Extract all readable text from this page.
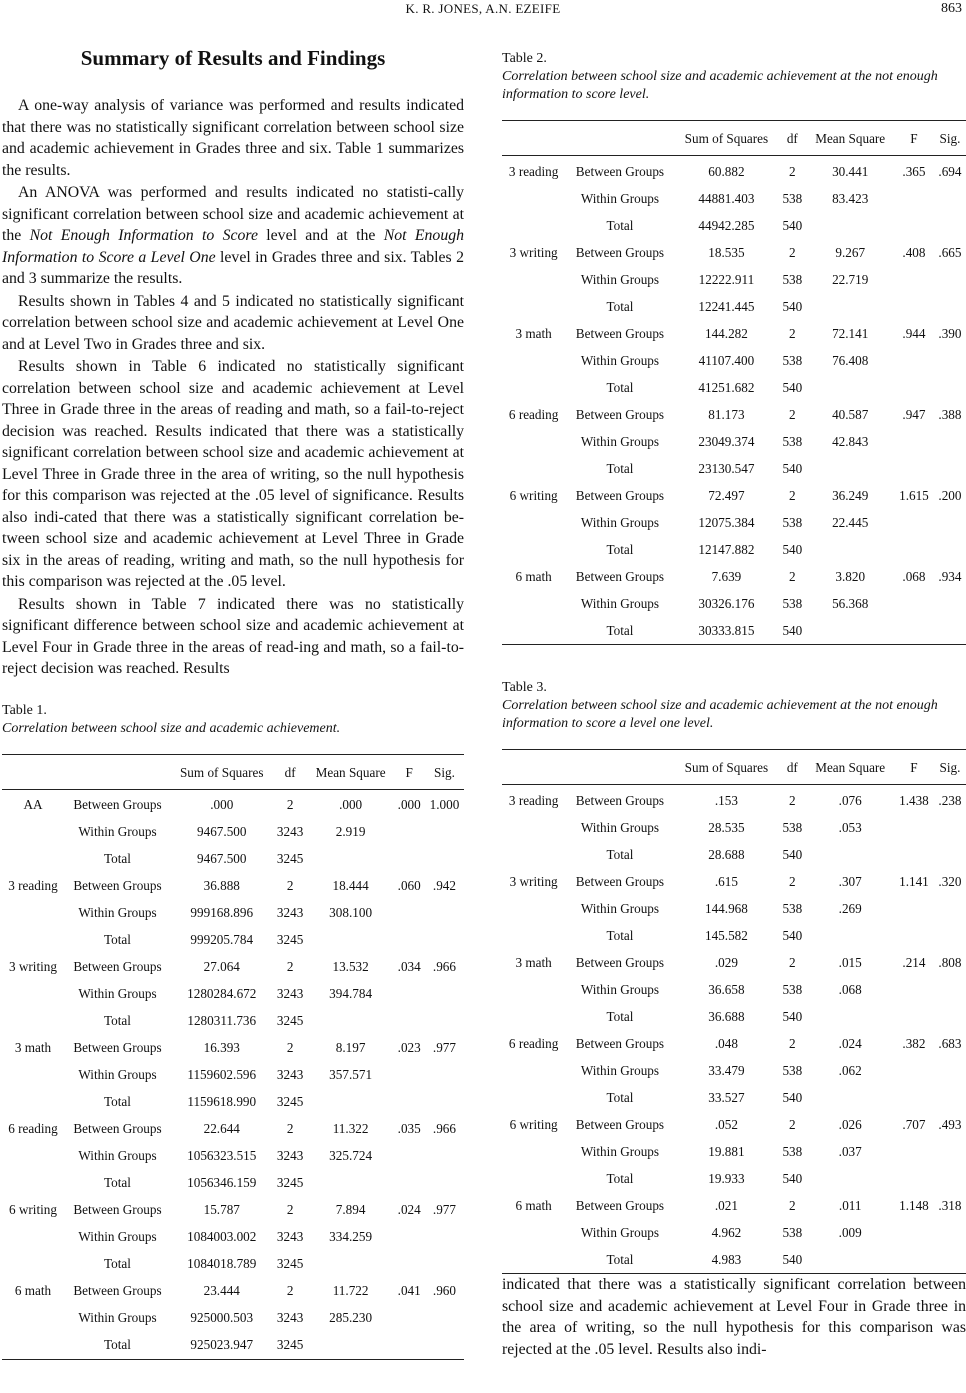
K. R. JONES, A.N. EZEIFE	863
Summary of Results and Findings

A one-way analysis of variance was performed and results indicated that there was no statistically significant correlation between school size and academic achievement in Grades three and six. Table 1 summarizes the results.

An ANOVA was performed and results indicated no statisti-cally significant correlation between school size and academic achievement at the Not Enough Information to Score level and at the Not Enough Information to Score a Level One level in Grades three and six. Tables 2 and 3 summarize the results.

Results shown in Tables 4 and 5 indicated no statistically significant correlation between school size and academic achievement at Level One and at Level Two in Grades three and six.

Results shown in Table 6 indicated no statistically significant correlation between school size and academic achievement at Level Three in Grade three in the areas of reading and math, so a fail-to-reject decision was reached. Results indicated that there was a statistically significant correlation between school size and academic achievement at Level Three in Grade three in the area of writing, so the null hypothesis for this comparison was rejected at the .05 level of significance. Results also indi-cated that there was a statistically significant correlation be-tween school size and academic achievement at Level Three in Grade six in the areas of reading, writing and math, so the null hypothesis for this comparison was rejected at the .05 level.

Results shown in Table 7 indicated there was no statistically significant difference between school size and academic achievement at Level Four in Grade three in the areas of read-ing and math, so a fail-to-reject decision was reached. Results

Table 1.
Correlation between school size and academic achievement.
		Sum of Squares	df	Mean Square	F	Sig.
AA	Between Groups	.000	2	.000	.000	1.000
	Within Groups	9467.500	3243	2.919		
	Total	9467.500	3245			
3 reading	Between Groups	36.888	2	18.444	.060	.942
	Within Groups	999168.896	3243	308.100		
	Total	999205.784	3245			
3 writing	Between Groups	27.064	2	13.532	.034	.966
	Within Groups	1280284.672	3243	394.784		
	Total	1280311.736	3245			
3 math	Between Groups	16.393	2	8.197	.023	.977
	Within Groups	1159602.596	3243	357.571		
	Total	1159618.990	3245			
6 reading	Between Groups	22.644	2	11.322	.035	.966
	Within Groups	1056323.515	3243	325.724		
	Total	1056346.159	3245			
6 writing	Between Groups	15.787	2	7.894	.024	.977
	Within Groups	1084003.002	3243	334.259		
	Total	1084018.789	3245			
6 math	Between Groups	23.444	2	11.722	.041	.960
	Within Groups	925000.503	3243	285.230		
	Total	925023.947	3245			
Table 2.
Correlation between school size and academic achievement at the not enough information to score level.
		Sum of Squares	df	Mean Square	F	Sig.
3 reading	Between Groups	60.882	2	30.441	.365	.694
	Within Groups	44881.403	538	83.423		
	Total	44942.285	540			
3 writing	Between Groups	18.535	2	9.267	.408	.665
	Within Groups	12222.911	538	22.719		
	Total	12241.445	540			
3 math	Between Groups	144.282	2	72.141	.944	.390
	Within Groups	41107.400	538	76.408		
	Total	41251.682	540			
6 reading	Between Groups	81.173	2	40.587	.947	.388
	Within Groups	23049.374	538	42.843		
	Total	23130.547	540			
6 writing	Between Groups	72.497	2	36.249	1.615	.200
	Within Groups	12075.384	538	22.445		
	Total	12147.882	540			
6 math	Between Groups	7.639	2	3.820	.068	.934
	Within Groups	30326.176	538	56.368		
	Total	30333.815	540			
Table 3.
Correlation between school size and academic achievement at the not enough information to score a level one level.
		Sum of Squares	df	Mean Square	F	Sig.
3 reading	Between Groups	.153	2	.076	1.438	.238
	Within Groups	28.535	538	.053		
	Total	28.688	540			
3 writing	Between Groups	.615	2	.307	1.141	.320
	Within Groups	144.968	538	.269		
	Total	145.582	540			
3 math	Between Groups	.029	2	.015	.214	.808
	Within Groups	36.658	538	.068		
	Total	36.688	540			
6 reading	Between Groups	.048	2	.024	.382	.683
	Within Groups	33.479	538	.062		
	Total	33.527	540			
6 writing	Between Groups	.052	2	.026	.707	.493
	Within Groups	19.881	538	.037		
	Total	19.933	540			
6 math	Between Groups	.021	2	.011	1.148	.318
	Within Groups	4.962	538	.009		
	Total	4.983	540			

indicated that there was a statistically significant correlation between school size and academic achievement at Level Four in Grade three in the area of writing, so the null hypothesis for this comparison was rejected at the .05 level. Results also indi-
